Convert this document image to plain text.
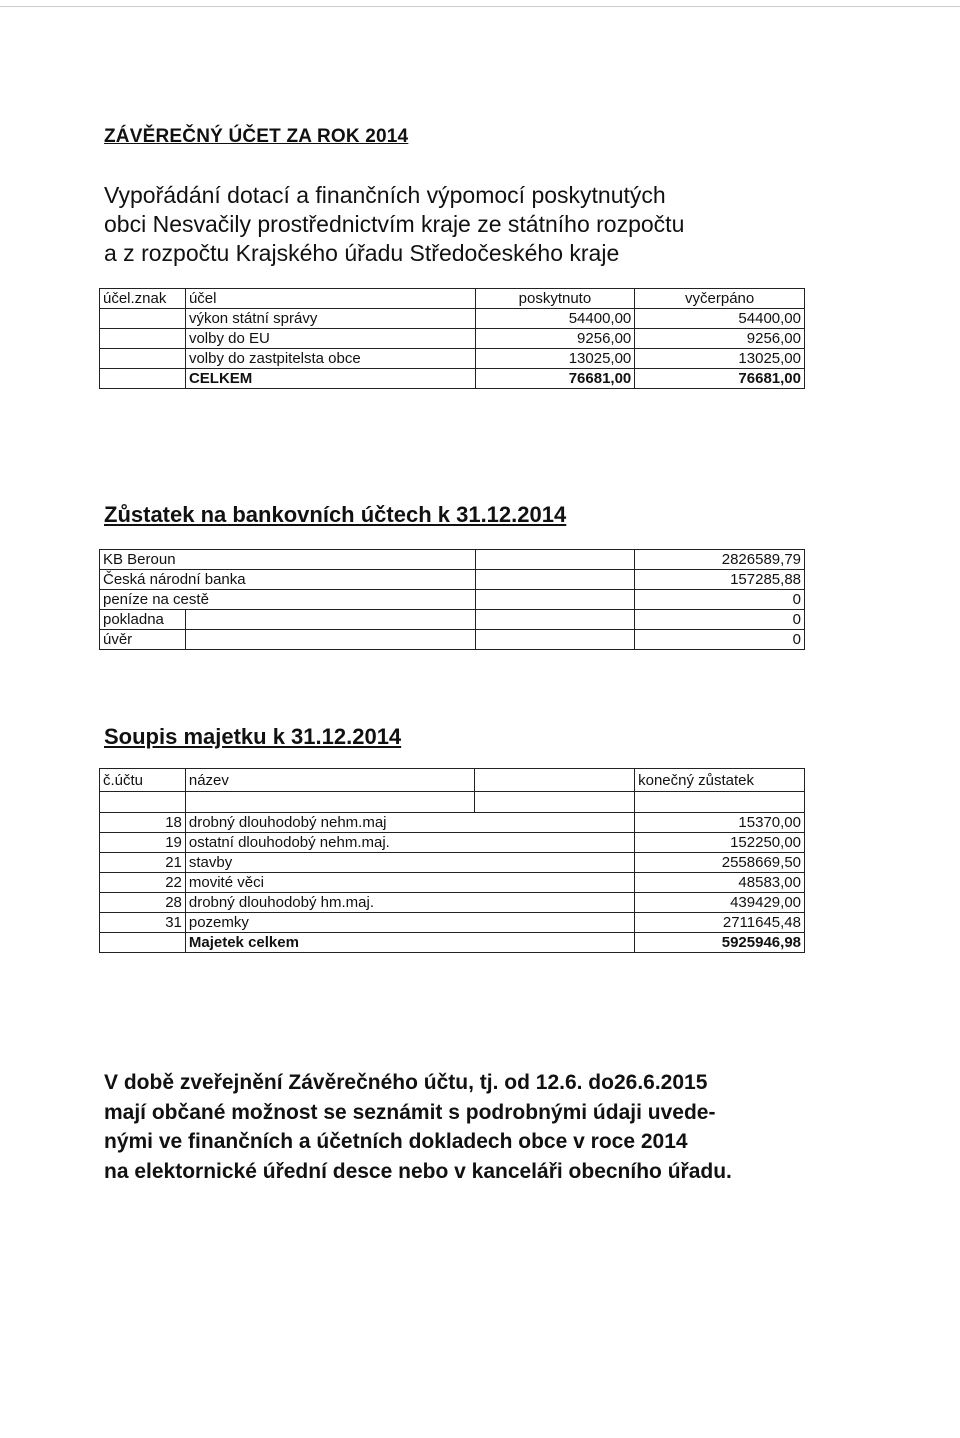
ZÁVĚREČNÝ ÚČET ZA ROK 2014
Vypořádání dotací a finančních výpomocí poskytnutých
obci Nesvačily prostřednictvím kraje ze státního rozpočtu
a z rozpočtu Krajského úřadu Středočeského kraje
účel.znak	účel	poskytnuto	vyčerpáno
	výkon státní správy	54400,00	54400,00
	volby do EU	9256,00	9256,00
	volby do zastpitelsta obce	13025,00	13025,00
	CELKEM	76681,00	76681,00
Zůstatek na bankovních účtech k 31.12.2014
KB Beroun			2826589,79
Česká národní banka			157285,88
peníze na cestě			0
pokladna			0
úvěr			0
Soupis majetku k 31.12.2014
č.účtu	název		konečný zůstatek

18	drobný dlouhodobý nehm.maj		15370,00
19	ostatní dlouhodobý nehm.maj.		152250,00
21	stavby		2558669,50
22	movité věci		48583,00
28	drobný dlouhodobý hm.maj.		439429,00
31	pozemky		2711645,48
	Majetek celkem		5925946,98
V době zveřejnění Závěrečného účtu, tj. od 12.6. do26.6.2015
mají občané možnost se seznámit s podrobnými údaji uvede-
nými ve finančních a účetních dokladech obce v roce 2014
na elektornické úřední desce nebo v kanceláři obecního úřadu.
